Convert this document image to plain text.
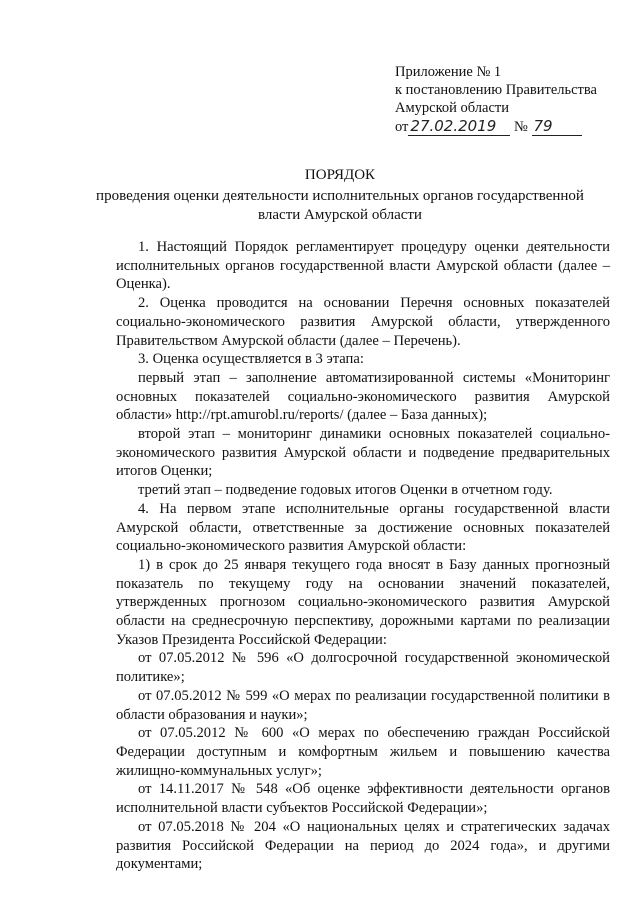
Приложение № 1
к постановлению Правительства
Амурской области
от 27.02.2019 № 79
ПОРЯДОК
проведения оценки деятельности исполнительных органов государственной власти Амурской области

1. Настоящий Порядок регламентирует процедуру оценки деятельности исполнительных органов государственной власти Амурской области (далее – Оценка).

2. Оценка проводится на основании Перечня основных показателей социально-экономического развития Амурской области, утвержденного Правительством Амурской области (далее – Перечень).

3. Оценка осуществляется в 3 этапа:

первый этап – заполнение автоматизированной системы «Мониторинг основных показателей социально-экономического развития Амурской области» http://rpt.amurobl.ru/reports/ (далее – База данных);

второй этап – мониторинг динамики основных показателей социально-экономического развития Амурской области и подведение предварительных итогов Оценки;

третий этап – подведение годовых итогов Оценки в отчетном году.

4. На первом этапе исполнительные органы государственной власти Амурской области, ответственные за достижение основных показателей социально-экономического развития Амурской области:

1) в срок до 25 января текущего года вносят в Базу данных прогнозный показатель по текущему году на основании значений показателей, утвержденных прогнозом социально-экономического развития Амурской области на среднесрочную перспективу, дорожными картами по реализации Указов Президента Российской Федерации:

от 07.05.2012 № 596 «О долгосрочной государственной экономической политике»;

от 07.05.2012 № 599 «О мерах по реализации государственной политики в области образования и науки»;

от 07.05.2012 № 600 «О мерах по обеспечению граждан Российской Федерации доступным и комфортным жильем и повышению качества жилищно-коммунальных услуг»;

от 14.11.2017 № 548 «Об оценке эффективности деятельности органов исполнительной власти субъектов Российской Федерации»;

от 07.05.2018 № 204 «О национальных целях и стратегических задачах развития Российской Федерации на период до 2024 года», и другими документами;
